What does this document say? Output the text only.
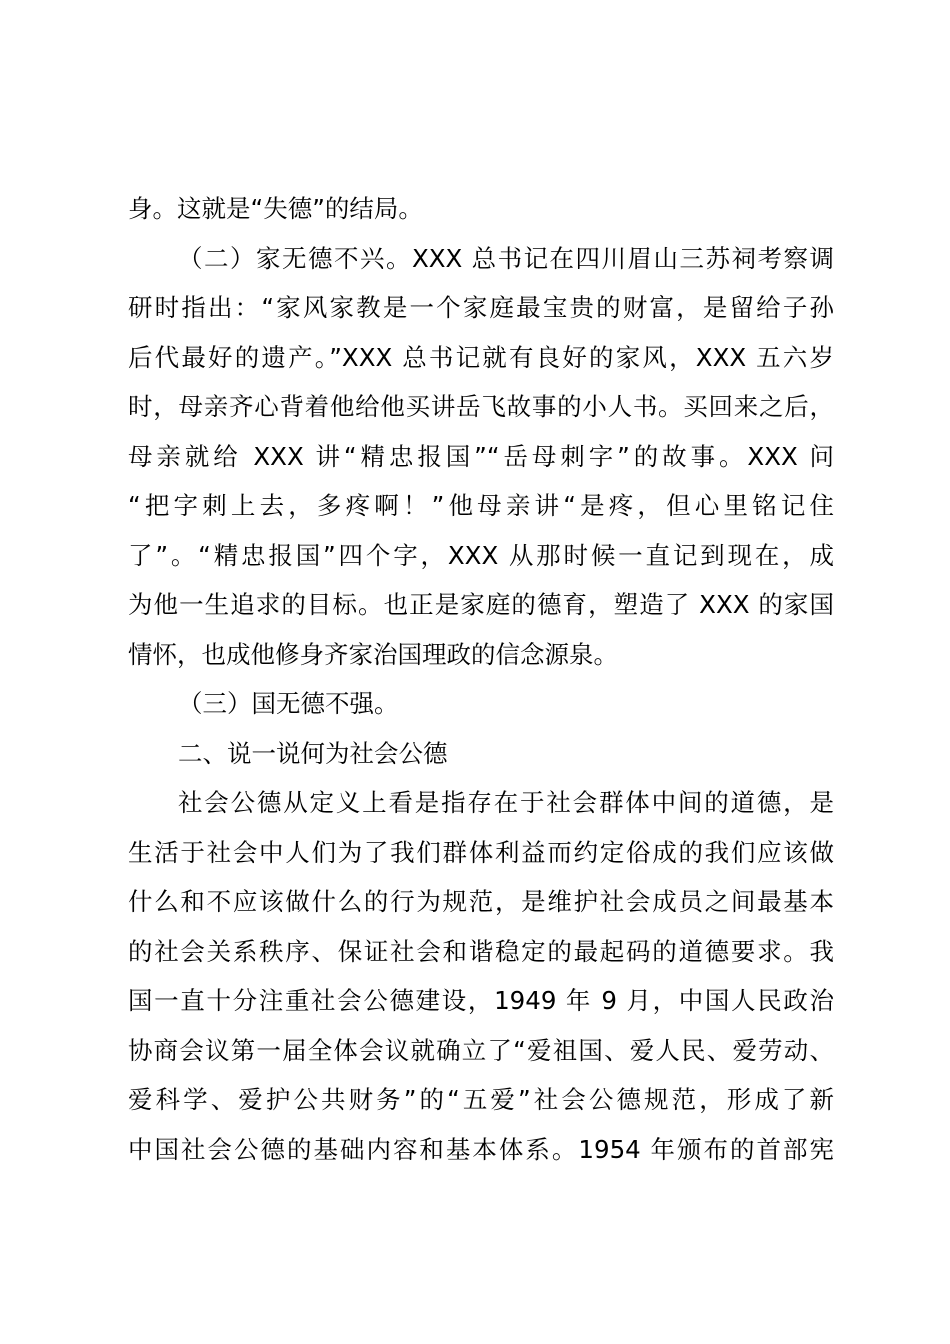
身。这就是“失德”的结局。
（二）家无德不兴。XXX 总书记在四川眉山三苏祠考察调
研时指出：“家风家教是一个家庭最宝贵的财富，是留给子孙
后代最好的遗产。”XXX 总书记就有良好的家风，XXX 五六岁
时，母亲齐心背着他给他买讲岳飞故事的小人书。买回来之后，
母亲就给 XXX 讲“精忠报国”“岳母刺字”的故事。XXX 问
“把字刺上去，多疼啊！”他母亲讲“是疼，但心里铭记住
了”。“精忠报国”四个字，XXX 从那时候一直记到现在，成
为他一生追求的目标。也正是家庭的德育，塑造了 XXX 的家国
情怀，也成他修身齐家治国理政的信念源泉。
（三）国无德不强。
二、说一说何为社会公德
社会公德从定义上看是指存在于社会群体中间的道德，是
生活于社会中人们为了我们群体利益而约定俗成的我们应该做
什么和不应该做什么的行为规范，是维护社会成员之间最基本
的社会关系秩序、保证社会和谐稳定的最起码的道德要求。我
国一直十分注重社会公德建设，1949 年 9 月，中国人民政治
协商会议第一届全体会议就确立了“爱祖国、爱人民、爱劳动、
爱科学、爱护公共财务”的“五爱”社会公德规范，形成了新
中国社会公德的基础内容和基本体系。1954 年颁布的首部宪
